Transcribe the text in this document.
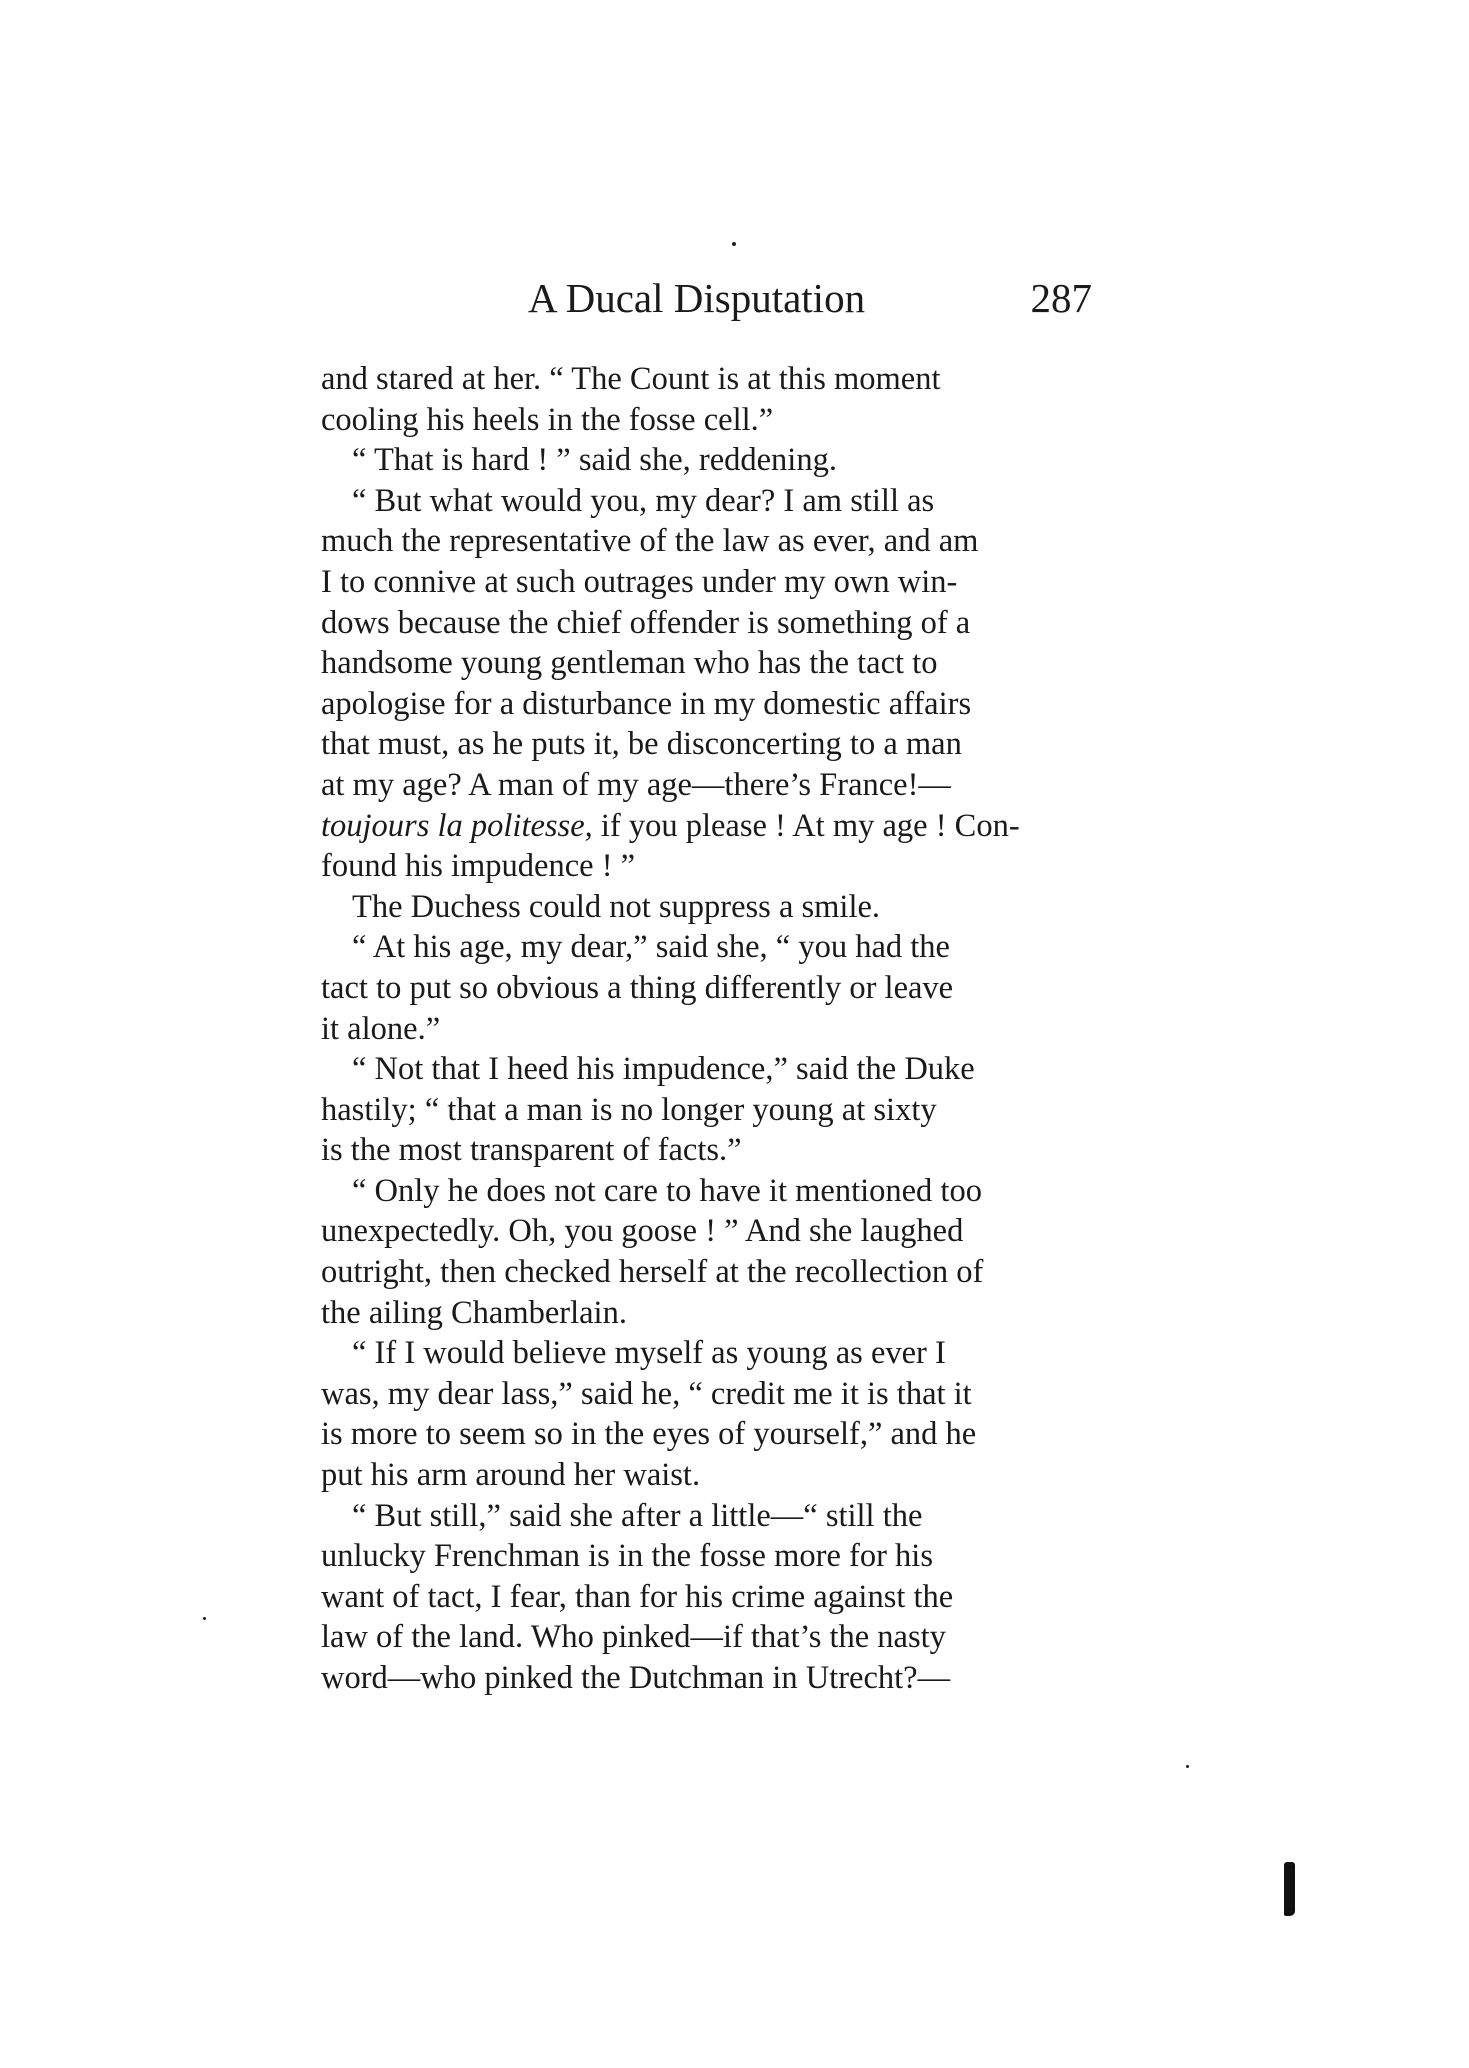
A Ducal Disputation	287

and stared at her. “ The Count is at this moment
cooling his heels in the fosse cell.”

“ That is hard ! ” said she, reddening.

“ But what would you, my dear? I am still as
much the representative of the law as ever, and am
I to connive at such outrages under my own win-
dows because the chief offender is something of a
handsome young gentleman who has the tact to
apologise for a disturbance in my domestic affairs
that must, as he puts it, be disconcerting to a man
at my age? A man of my age—there’s France!—
toujours la politesse, if you please ! At my age ! Con-
found his impudence ! ”

The Duchess could not suppress a smile.

“ At his age, my dear,” said she, “ you had the
tact to put so obvious a thing differently or leave
it alone.”

“ Not that I heed his impudence,” said the Duke
hastily; “ that a man is no longer young at sixty
is the most transparent of facts.”

“ Only he does not care to have it mentioned too
unexpectedly. Oh, you goose ! ” And she laughed
outright, then checked herself at the recollection of
the ailing Chamberlain.

“ If I would believe myself as young as ever I
was, my dear lass,” said he, “ credit me it is that it
is more to seem so in the eyes of yourself,” and he
put his arm around her waist.

“ But still,” said she after a little—“ still the
unlucky Frenchman is in the fosse more for his
want of tact, I fear, than for his crime against the
law of the land. Who pinked—if that’s the nasty
word—who pinked the Dutchman in Utrecht?—
